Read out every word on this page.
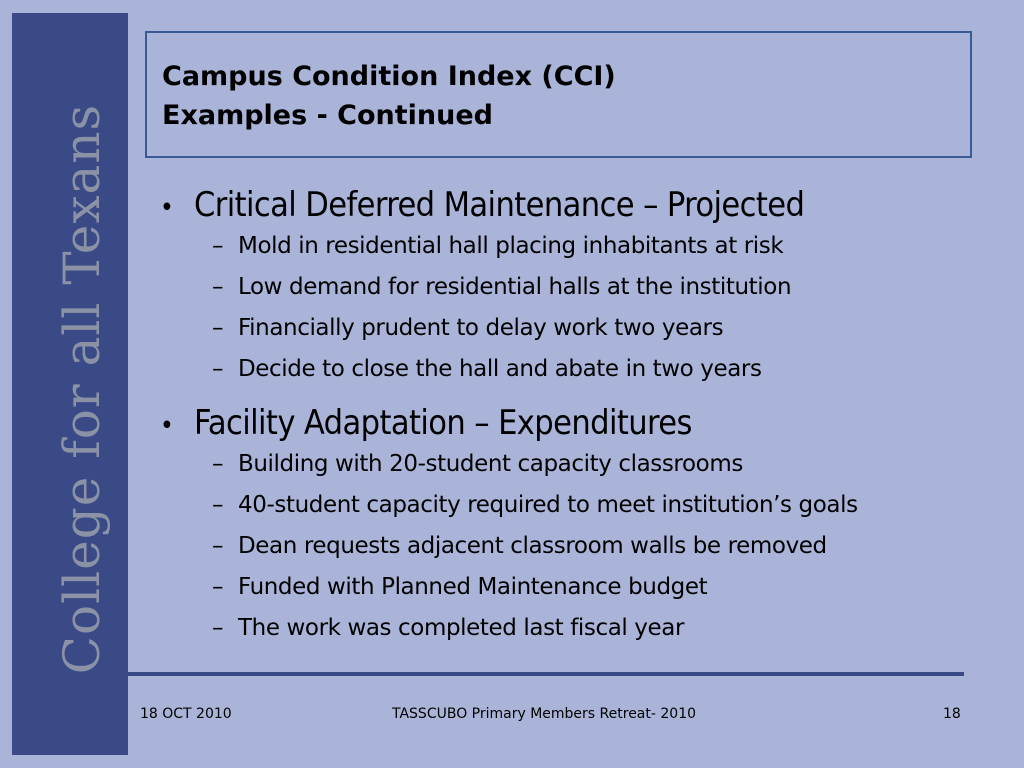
College for all Texans
Campus Condition Index (CCI)
Examples - Continued
• Critical Deferred Maintenance – Projected
– Mold in residential hall placing inhabitants at risk
– Low demand for residential halls at the institution
– Financially prudent to delay work two years
– Decide to close the hall and abate in two years
• Facility Adaptation – Expenditures
– Building with 20-student capacity classrooms
– 40-student capacity required to meet institution’s goals
– Dean requests adjacent classroom walls be removed
– Funded with Planned Maintenance budget
– The work was completed last fiscal year
18 OCT 2010	TASSCUBO Primary Members Retreat- 2010	18
